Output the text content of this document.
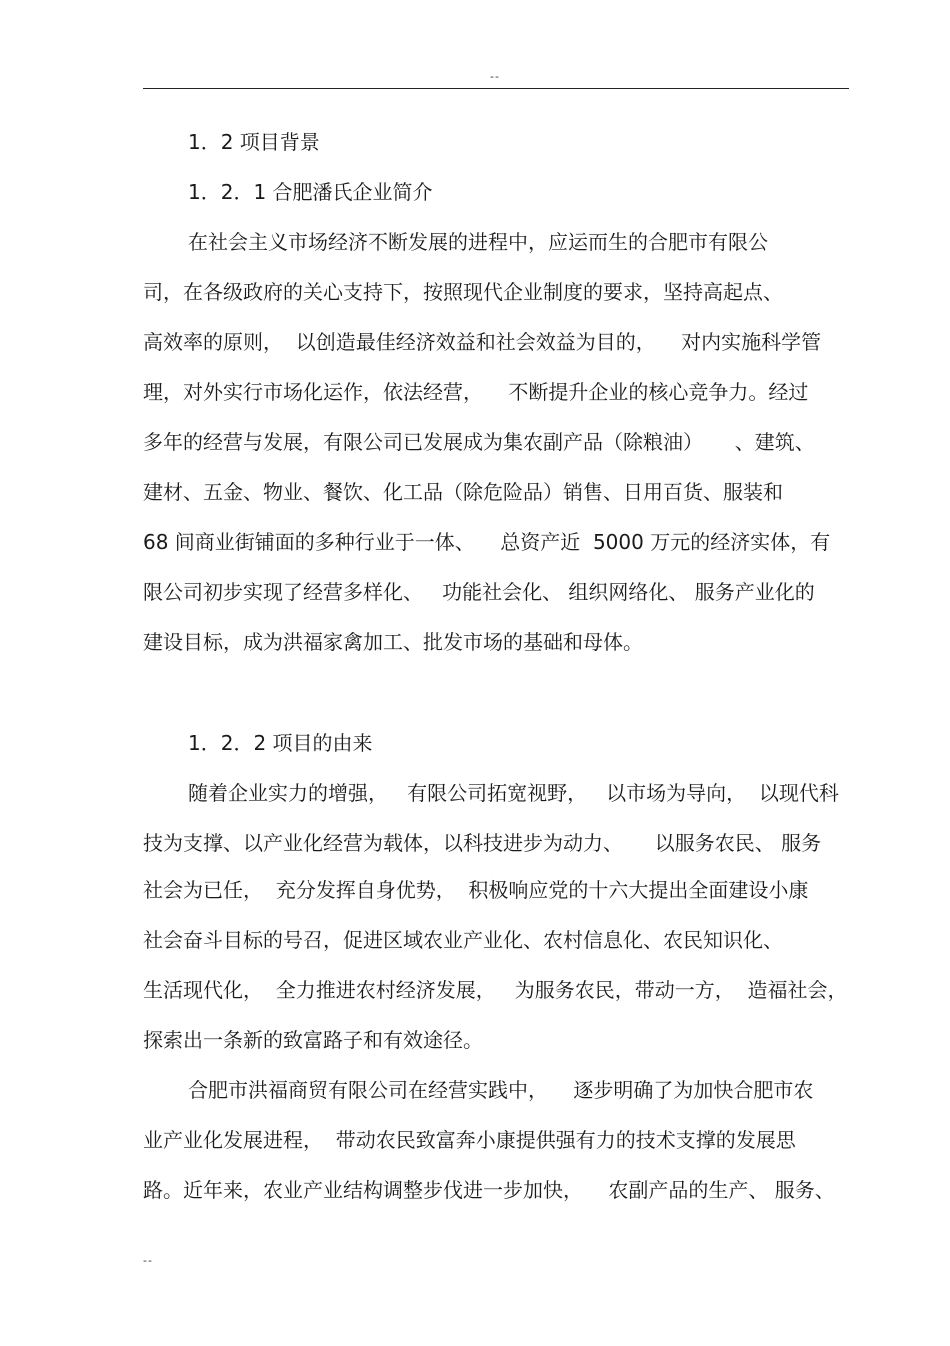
--
1．2 项目背景
1．2．1 合肥潘氏企业简介
在社会主义市场经济不断发展的进程中，应运而生的合肥市有限公
司，在各级政府的关心支持下，按照现代企业制度的要求，坚持高起点、
高效率的原则，  以创造最佳经济效益和社会效益为目的，    对内实施科学管
理，对外实行市场化运作，依法经营，    不断提升企业的核心竞争力。经过
多年的经营与发展，有限公司已发展成为集农副产品（除粮油）     、建筑、
建材、五金、物业、餐饮、化工品（除危险品）销售、日用百货、服装和
68 间商业街铺面的多种行业于一体、    总资产近  5000 万元的经济实体，有
限公司初步实现了经营多样化、   功能社会化、 组织网络化、 服务产业化的
建设目标，成为洪福家禽加工、批发市场的基础和母体。
1．2．2 项目的由来
随着企业实力的增强，   有限公司拓宽视野，   以市场为导向，  以现代科
技为支撑、以产业化经营为载体，以科技进步为动力、     以服务农民、 服务
社会为已任，  充分发挥自身优势，  积极响应党的十六大提出全面建设小康
社会奋斗目标的号召，促进区域农业产业化、农村信息化、农民知识化、
生活现代化，  全力推进农村经济发展，   为服务农民，带动一方，  造福社会，
探索出一条新的致富路子和有效途径。
合肥市洪福商贸有限公司在经营实践中，    逐步明确了为加快合肥市农
业产业化发展进程，  带动农民致富奔小康提供强有力的技术支撑的发展思
路。近年来，农业产业结构调整步伐进一步加快，    农副产品的生产、 服务、
--
